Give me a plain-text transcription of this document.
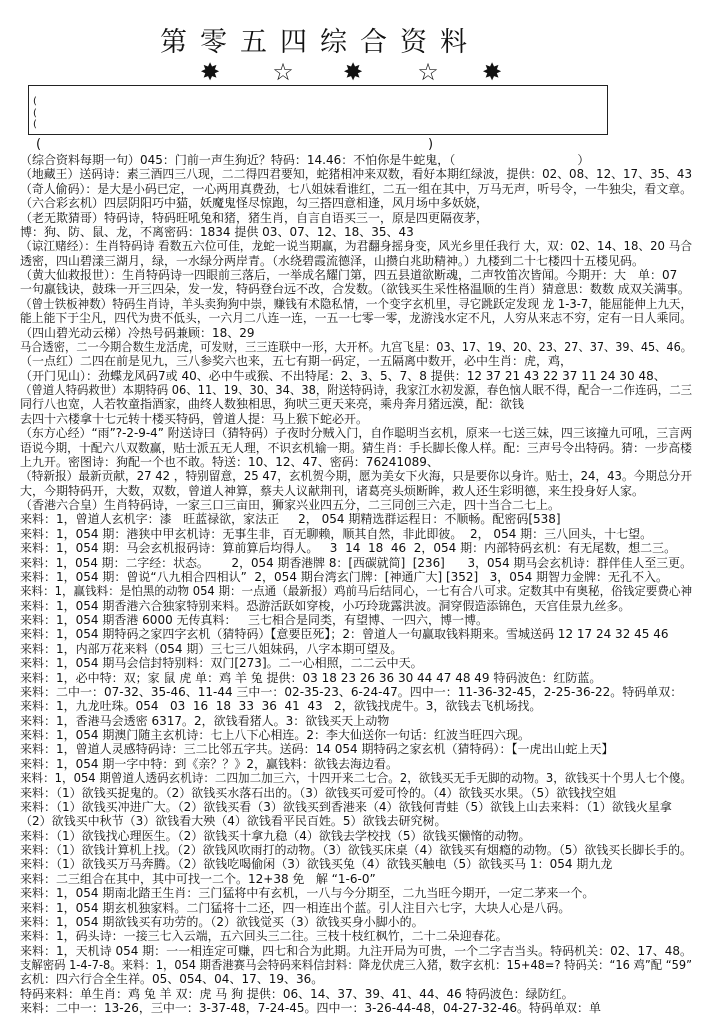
第零五四综合资料
✸
☆
✸
☆
✸
(
(
(
(	)
（综合资料每期一句）045：门前一声生狗近？特码：14.46：不怕你是牛蛇鬼，（                                ）
（地藏王）送码诗：素三酒四三八现，二二得四君要知，蛇猪相冲来双数，看好本期红绿波，提供：02、08、12、17、35、43
（奇人偷码）：是大是小码已定，一心两用真费劲，七八姐妹看谁红，二五一组在其中，万马无声，听号令，一牛独尖，看文章。
（六合彩玄机）四层阴阳巧中猫，妖魔鬼怪尽惊跑，勾三搭四意相逢，风月场中多妖娆，
（老无欺猜哥）特码诗，特码旺吼兔和猪，猪生肖，自言自语买三一，原是四更隔夜茅，
博：狗、防、鼠、龙，不离密码：1834 提供 03、07、12、18、35、43
（谅江赌经）：生肖特码诗 看数五六位可佳，龙蛇一说当期赢，为君翻身摇身变，风光乡里任我行 大，双：02、14、18、20 马合
透密，四山碧漾三湖月，绿，一水绿分两岸青。（水绕碧霞流德泽，山攒白兆助精神。）九楼到二十七楼四十五楼见码。
（黄大仙救报世）：生肖特码诗一四眼前三落后，一举成名耀门第，四五县道欲断魂，二声牧笛次皆闻。今期开：大　单：07
一句羸钱诀，鼓珠一开三四朵，发一发，特码登台远不改，合发数。（欲钱买生采性格温顺的生肖）猜意思：数数 成双关满事。
（曾士铁板神数）特码生肖诗，羊头卖狗狗中崇，赚钱有术隐私情，一个变字玄机里，寻它跳跃定发现 龙 1-3-7，能屈能伸上九天，
能上能下于尘凡，四代为贵不低头，一六月二八连一连，一五一七零一零，龙游浅水定不凡，人穷从来志不穷，定有一日人乘同。
（四山碧光动云梯）冷热号码兼顾：18、29
马合透密，二一今期合数生龙活虎，可发财，三三连联中一形，大开杯。九宫飞星：03、17、19、20、23、27、37、39、45、46。
（一点红）二四在前是见九，三八参奖六也来，五七有期一码定，一五隔离中数开，必中生肖：虎，鸡，
（开门见山）：劲蝶龙风码7或 40、必中牛或猴、不出特尾：2、3、5、7、8 提供：12 37 21 43 22 37 11 24 30 48、
（曾道人特码救世）本期特码 06、11、19、30、34、38，附送特码诗，我家江水初发源，春色恼人眠不得，配合一二作连码，二三
同行八也宽，人若牧童指酒家，曲终人数独相思，狗吠三更天来亮，乘舟奔月猪远漠，配：欲钱
去四十六楼拿十七元转十楼买特码，曾道人提：马上猴下蛇必开。
（东方心经）“雨”?-2-9-4” 附送诗曰（猜特码）子夜时分贼入门，自作聪明当玄机，原来一七送三妹，四三该撞九可吼，三言两
语说今期，十配六八双数赢，贴士派五无人理，不识玄机输一期。猜生肖：手长脚长像人样。配：三声号令出特码。猜：一步高楼
上九开。密图诗：狗配一个也不敢。特送：10、12、47、密码：76241089、
（特新报）最新贡献，27 42 ，特别留意，25 47，玄机贺今期，愿为美女下火海，只是要你以身许。贴士，24，43。今期总分开
大，今期特码开，大数，双数，曾道人神算，蔡夫人议献荆刊，诸葛亮头烦断眸，救人还生彩明德，来生投身好人家。
（香港六合皇）生肖特码诗，一家三口三亩田，狮家兴业四五分，二三同创三六走，四十当合二七上。
来料：1，曾道人玄机字：漆   旺蓝禄欲，家法正     2， 054 期精选群运程日：不顺畅。配密码[538]
来料：1，054 期：港狭中甲玄机诗：无事生非，百无聊赖，顺其自然，非此即彼。  2， 054 期：三八回头，十七望。
来料：1，054 期：马会玄机报码诗：算前算后均得人。   3  14  18  46  2，054 期：内部特码玄机：有无尾数，想二三。
来料：1，054 期：二字经：状态。      2，054 期香港牌 8：[西碳就简]  [236]      3，054 期马会玄机诗：群伴佳人至三更。
来料：1，054 期：曾说“八九相合四相认”  2，054 期台湾玄门牌：[神通广大] [352]   3，054 期智力金牌：无孔不入。
来料：1，赢钱料：是怕黑的动物 054 期：一点通（最新报）鸡前马后结同心，一七有合八可求。定数其中有奥秘，俗钱定要费心神
来料：1，054 期香港六合独家特别来料。恐游活跃如穿梭，小巧玲珑露洪波。洞穿假造添锦色，天宫佳景九丝多。
来料：1，054 期香港 6000 无传真料：   三七相合是同类，有望博、一四六，博一博。
来料：1，054 期特码之家四字玄机（猜特码）【意要臣死】；2：曾道人一句赢取钱料期来。雪城送码 12 17 24 32 45 46
来料：1，内部万花来料（054 期）三七三八姐妹码，八字本期可望及。
来料：1，054 期马会信封特别料：双门[273]。二一心相照，二二云中天。
来料：1，必中特：双；家 鼠 虎 单：鸡 羊 兔 提供：03 18 23 26 36 30 44 47 48 49 特码波色：红防蓝。
来料：二中一：07-32、35-46、11-44 三中一：02-35-23、6-24-47。四中一：11-36-32-45，2-25-36-22。特码单双：
来料：1，九龙吐珠。054   03  16  18  33  36  41  43   2，欲钱找虎牛。3，欲钱去飞机场找。
来料：1，香港马会透密 6317。2，欲钱看猪人。3：欲钱买天上动物
来料：1，054 期澳门随主玄机诗：七上八下心相连。2：李大仙送你一句话：红波当旺四六现。
来料：1，曾道人灵感特码诗：三二比邻五字共。送码：14 054 期特码之家玄机（猜特码）：【一虎出山蛇上天】
来料：1，054 期一字中特：到《亲？？》2，赢钱料：欲钱去海边看。
来料：1，054 期曾道人透码玄机诗：二四加二加三六，十四开来二七合。2，欲钱买无手无脚的动物。3，欲钱买十个男人七个傻。
来料：（1）欲钱买捉鬼的。（2）欲钱买水落石出的。（3）欲钱买可爱可怜的。（4）欲钱买水果。（5）欲钱找空姐
来料：（1）欲钱买冲进广大。（2）欲钱买看（3）欲钱买到香港来（4）欲钱何青蛙（5）欲钱上山去来料：（1）欲钱火星拿
（2）欲钱买中秋节（3）欲钱看大殃（4）欲钱看平民百姓。5）欲钱去研究树。
来料：（1）欲钱找心理医生。（2）欲钱买十拿九稳（4）欲钱去学校找（5）欲钱买懒惰的动物。
来料：（1）欲钱计算机上找。（2）欲钱风吹雨打的动物。（3）欲钱买床桌（4）欲钱买有烟瘾的动物。（5）欲钱买长脚长手的。
来料：（1）欲钱买万马奔腾。（2）欲钱吃喝偷闲（3）欲钱买兔（4）欲钱买触电（5）欲钱买马 1：054 期九龙
来料：二三组合在其中，其中可找一二个。12+38 免   解 “1-6-0”
来料：1，054 期南北踏王生肖：三门猛将中有玄机，一八与今分期至，二九当旺今期开，一定二茅来一个。
来料：1，054 期玄机独家料。二门猛将十二还，四一相连出个蓝。引人注目六七字，大块人心是八码。
来料：1，054 期欲钱买有功劳的。（2）欲钱觉买（3）欲钱买身小脚小的。
来料：1，码头诗：一接三七入云端，五六回头三二往。三枝十枝红枫竹，二十二朵迎春花。
来料：1，天机诗 054 期：一一相连定可赚，四七和合为此期。九注开局为可贵，一个二字吉当头。特码机关：02、17、48。
支解密码 1-4-7-8。来料：1，054 期香港赛马会特码来料信封料：降龙伏虎三入猪，数字玄机：15+48=? 特码关：“16 鸡”配 “59”
玄机：四六行合全生祥。05、054、04、17、19、36。
特码来料：单生肖：鸡 兔 羊 双：虎 马 狗 提供：06、14、37、39、41、44、46 特码波色：绿防红。
来料：二中一：13-26，三中一：3-37-48，7-24-45。四中一：3-26-44-48，04-27-32-46。特码单双：单
